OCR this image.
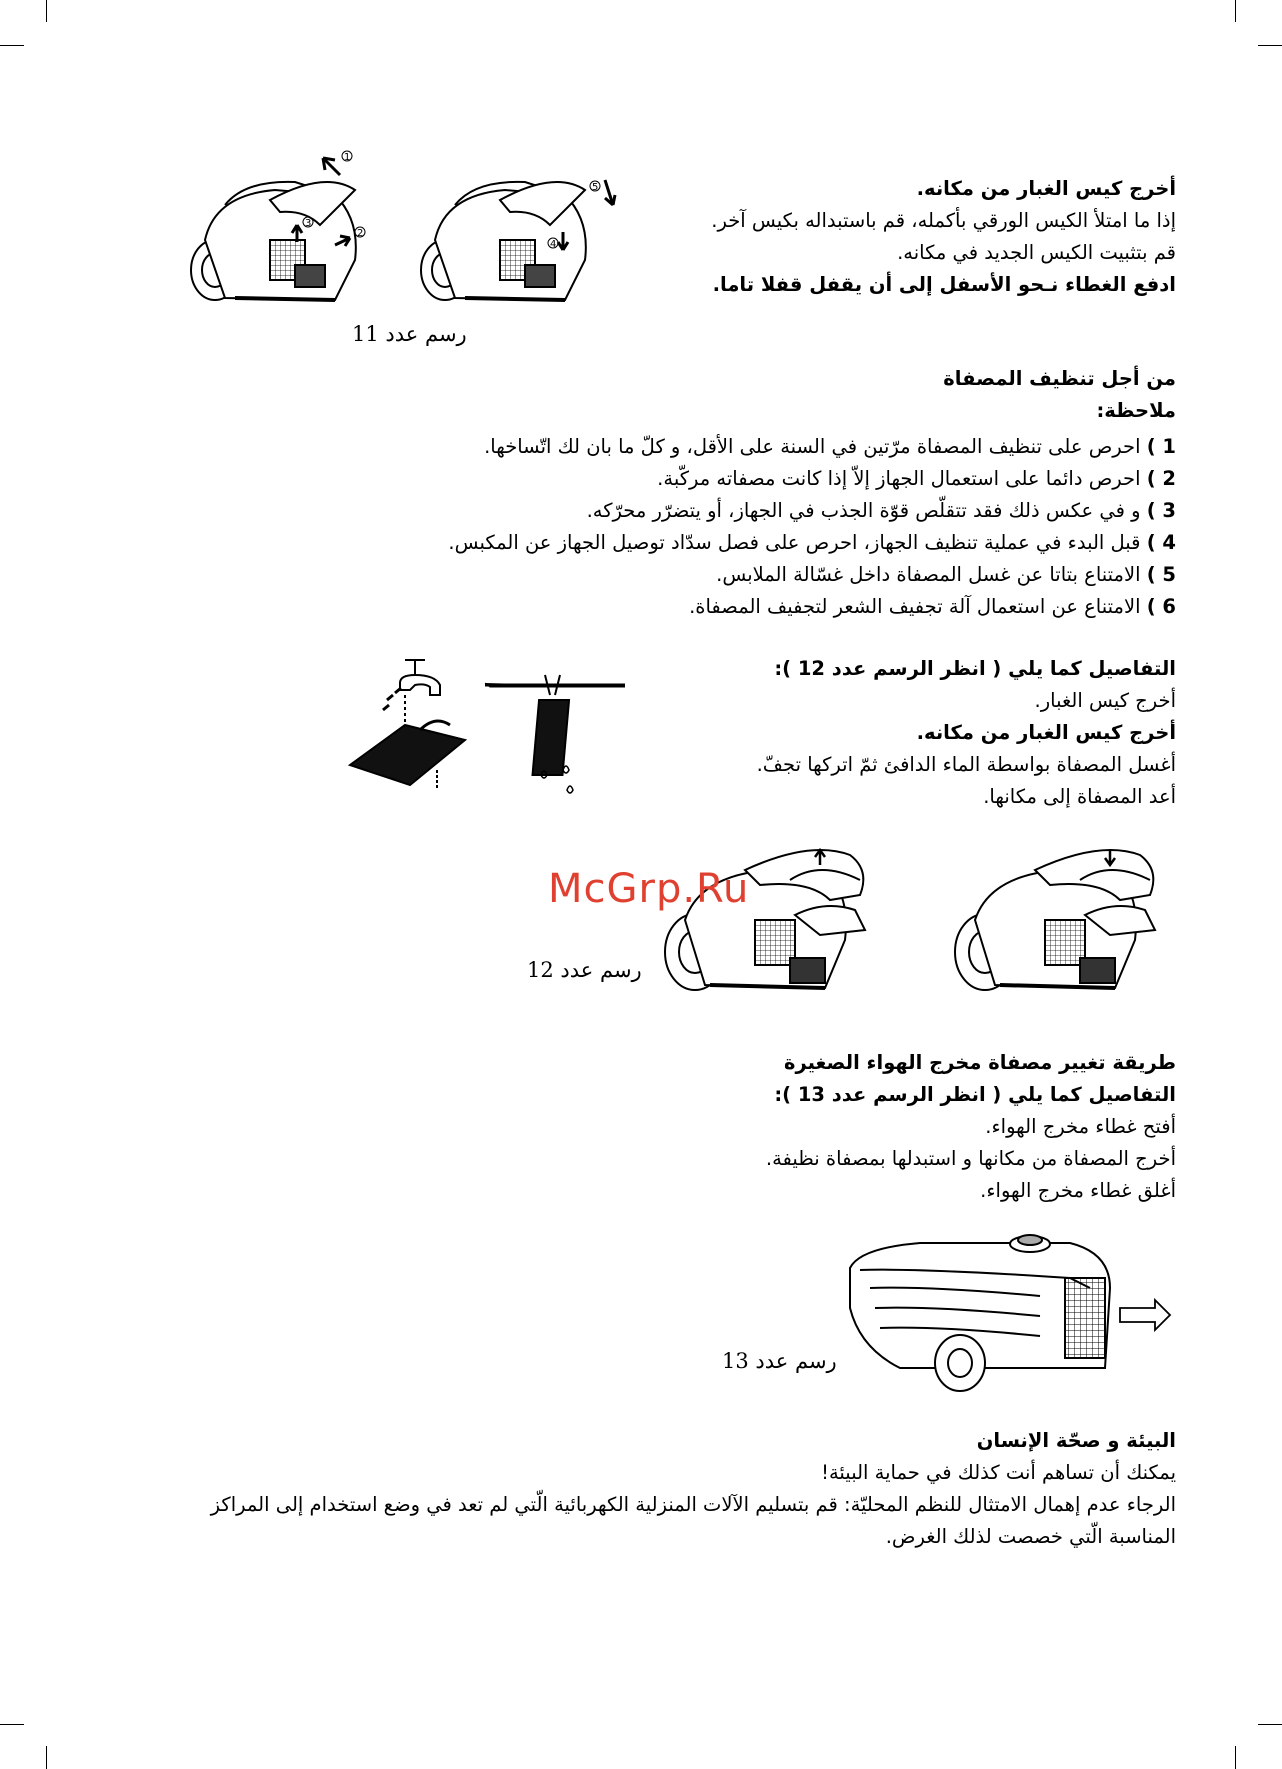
أخرج كيس الغبار من مكانه.
إذا ما امتلأ الكيس الورقي بأكمله، قم باستبداله بكيس آخر.
قم بتثبيت الكيس الجديد في مكانه.
ادفع الغطاء نـحو الأسفل إلى أن يقفل قفلا تاما.
1
2
3
4
5
رسم عدد 11
من أجل تنظيف المصفاة
ملاحظة:
1 ) احرص على تنظيف المصفاة مرّتين في السنة على الأقل، و كلّ ما بان لك اتّساخها.
2 ) احرص دائما على استعمال الجهاز إلاّ إذا كانت مصفاته مركّبة.
3 ) و في عكس ذلك فقد تتقلّص قوّة الجذب في الجهاز، أو يتضرّر محرّكه.
4 ) قبل البدء في عملية تنظيف الجهاز، احرص على فصل سدّاد توصيل الجهاز عن المكبس.
5 ) الامتناع بتاتا عن غسل المصفاة داخل غسّالة الملابس.
6 ) الامتناع عن استعمال آلة تجفيف الشعر لتجفيف المصفاة.
التفاصيل كما يلي ( انظر الرسم عدد 12 ):
أخرج كيس الغبار.
أخرج كيس الغبار من مكانه.
أغسل المصفاة بواسطة الماء الدافئ ثمّ اتركها تجفّ.
أعد المصفاة إلى مكانها.
McGrp.Ru
رسم عدد 12
طريقة تغيير مصفاة مخرج الهواء الصغيرة
التفاصيل كما يلي ( انظر الرسم عدد 13 ):
أفتح غطاء مخرج الهواء.
أخرج المصفاة من مكانها و استبدلها بمصفاة نظيفة.
أغلق غطاء مخرج الهواء.
رسم عدد 13
البيئة و صحّة الإنسان
يمكنك أن تساهم أنت كذلك في حماية البيئة!
الرجاء عدم إهمال الامتثال للنظم المحليّة: قم بتسليم الآلات المنزلية الكهربائية الّتي لم تعد في وضع استخدام إلى المراكز
المناسبة الّتي خصصت لذلك الغرض.
